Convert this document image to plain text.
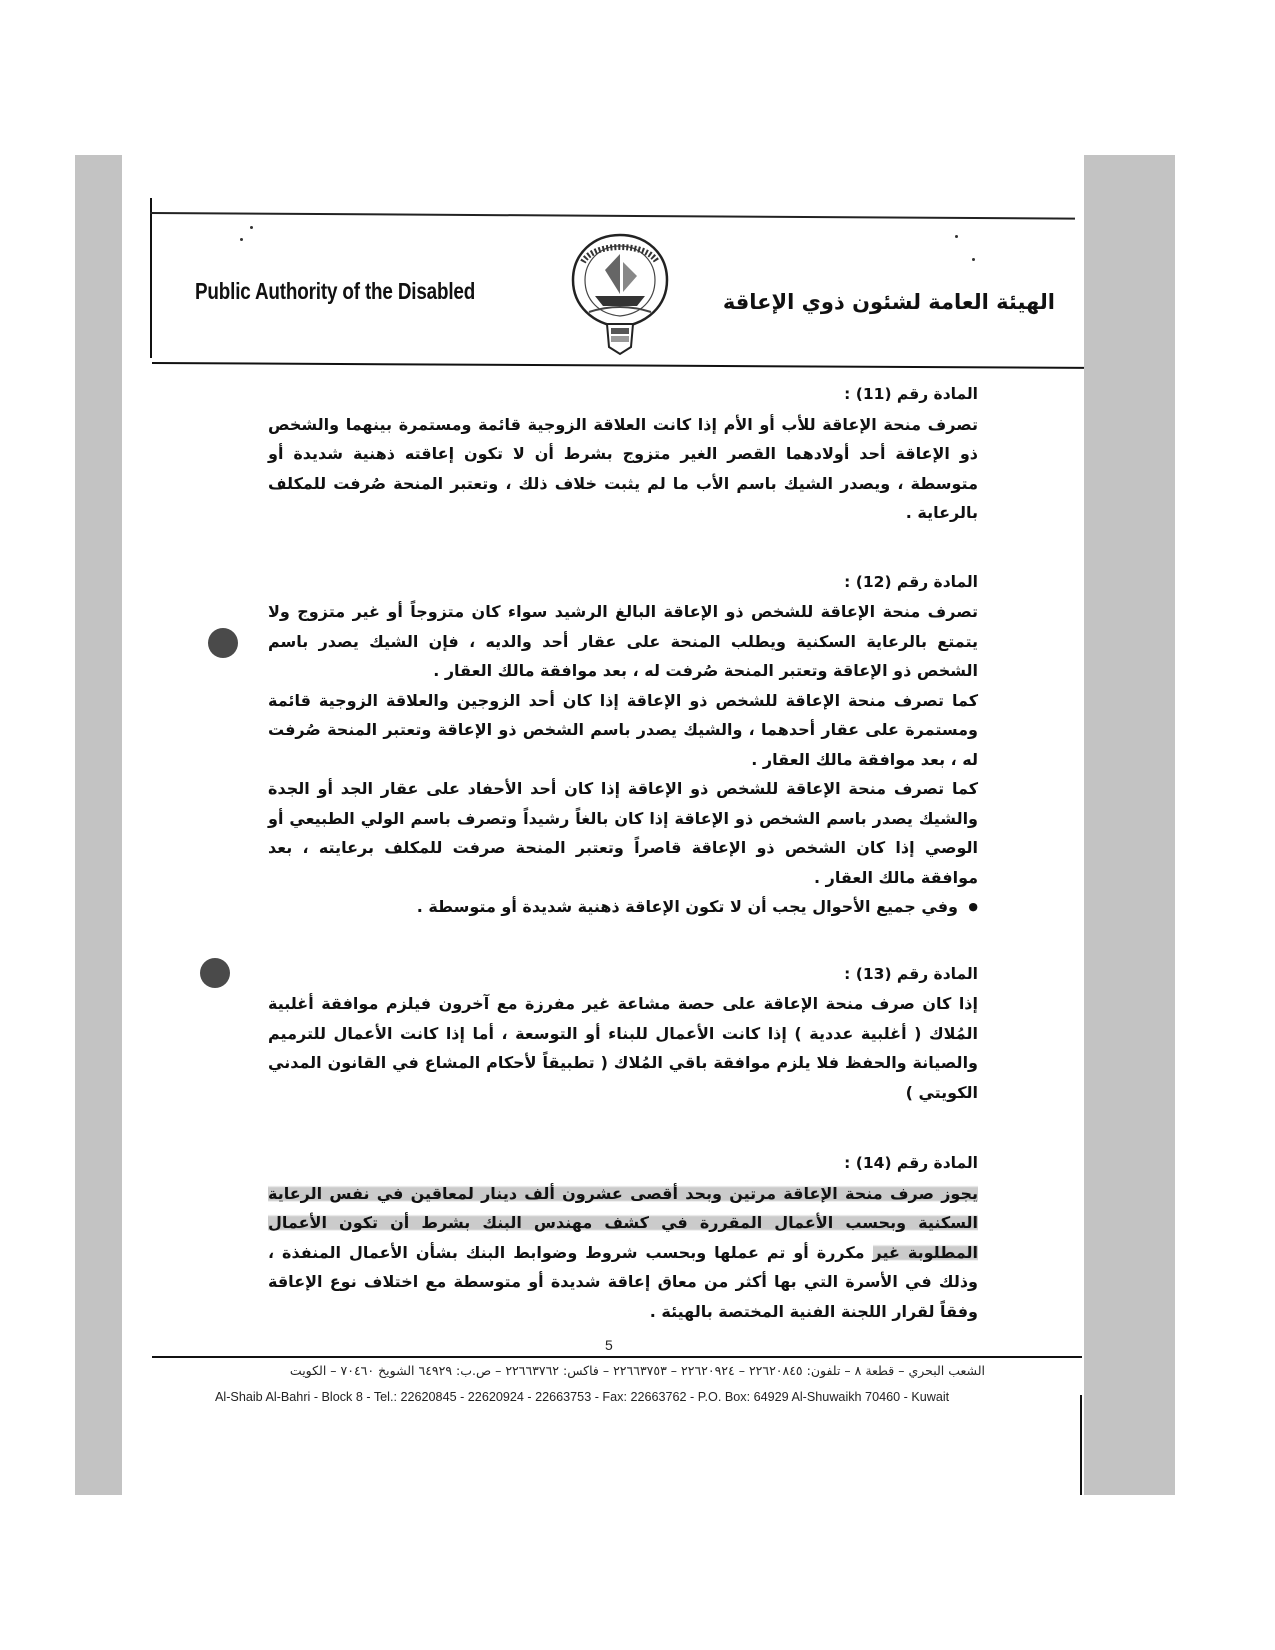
Public Authority of the Disabled	الهيئة العامة لشئون ذوي الإعاقة
المادة رقم (11) :

تصرف منحة الإعاقة للأب أو الأم إذا كانت العلاقة الزوجية قائمة ومستمرة بينهما والشخص ذو الإعاقة أحد أولادهما القصر الغير متزوج بشرط أن لا تكون إعاقته ذهنية شديدة أو متوسطة ، ويصدر الشيك باسم الأب ما لم يثبت خلاف ذلك ، وتعتبر المنحة صُرفت للمكلف بالرعاية .

المادة رقم (12) :

تصرف منحة الإعاقة للشخص ذو الإعاقة البالغ الرشيد سواء كان متزوجاً أو غير متزوج ولا يتمتع بالرعاية السكنية ويطلب المنحة على عقار أحد والديه ، فإن الشيك يصدر باسم الشخص ذو الإعاقة وتعتبر المنحة صُرفت له ، بعد موافقة مالك العقار .

كما تصرف منحة الإعاقة للشخص ذو الإعاقة إذا كان أحد الزوجين والعلاقة الزوجية قائمة ومستمرة على عقار أحدهما ، والشيك يصدر باسم الشخص ذو الإعاقة وتعتبر المنحة صُرفت له ، بعد موافقة مالك العقار .

كما تصرف منحة الإعاقة للشخص ذو الإعاقة إذا كان أحد الأحفاد على عقار الجد أو الجدة والشيك يصدر باسم الشخص ذو الإعاقة إذا كان بالغاً رشيداً وتصرف باسم الولي الطبيعي أو الوصي إذا كان الشخص ذو الإعاقة قاصراً وتعتبر المنحة صرفت للمكلف برعايته ، بعد موافقة مالك العقار .

● وفي جميع الأحوال يجب أن لا تكون الإعاقة ذهنية شديدة أو متوسطة .

المادة رقم (13) :

إذا كان صرف منحة الإعاقة على حصة مشاعة غير مفرزة مع آخرون فيلزم موافقة أغلبية المُلاك ( أغلبية عددية ) إذا كانت الأعمال للبناء أو التوسعة ، أما إذا كانت الأعمال للترميم والصيانة والحفظ فلا يلزم موافقة باقي المُلاك ( تطبيقاً لأحكام المشاع في القانون المدني الكويتي )

المادة رقم (14) :

يجوز صرف منحة الإعاقة مرتين وبحد أقصى عشرون ألف دينار لمعاقين في نفس الرعاية السكنية وبحسب الأعمال المقررة في كشف مهندس البنك بشرط أن تكون الأعمال المطلوبة غير مكررة أو تم عملها وبحسب شروط وضوابط البنك بشأن الأعمال المنفذة ، وذلك في الأسرة التي بها أكثر من معاق إعاقة شديدة أو متوسطة مع اختلاف نوع الإعاقة وفقاً لقرار اللجنة الفنية المختصة بالهيئة .

5
الشعب البحري – قطعة ٨ – تلفون: ٢٢٦٢٠٨٤٥ – ٢٢٦٢٠٩٢٤ – ٢٢٦٦٣٧٥٣ – فاكس: ٢٢٦٦٣٧٦٢ – ص.ب: ٦٤٩٢٩ الشويخ ٧٠٤٦٠ – الكويت
Al-Shaib Al-Bahri - Block 8 - Tel.: 22620845 - 22620924 - 22663753 - Fax: 22663762 - P.O. Box: 64929 Al-Shuwaikh 70460 - Kuwait
